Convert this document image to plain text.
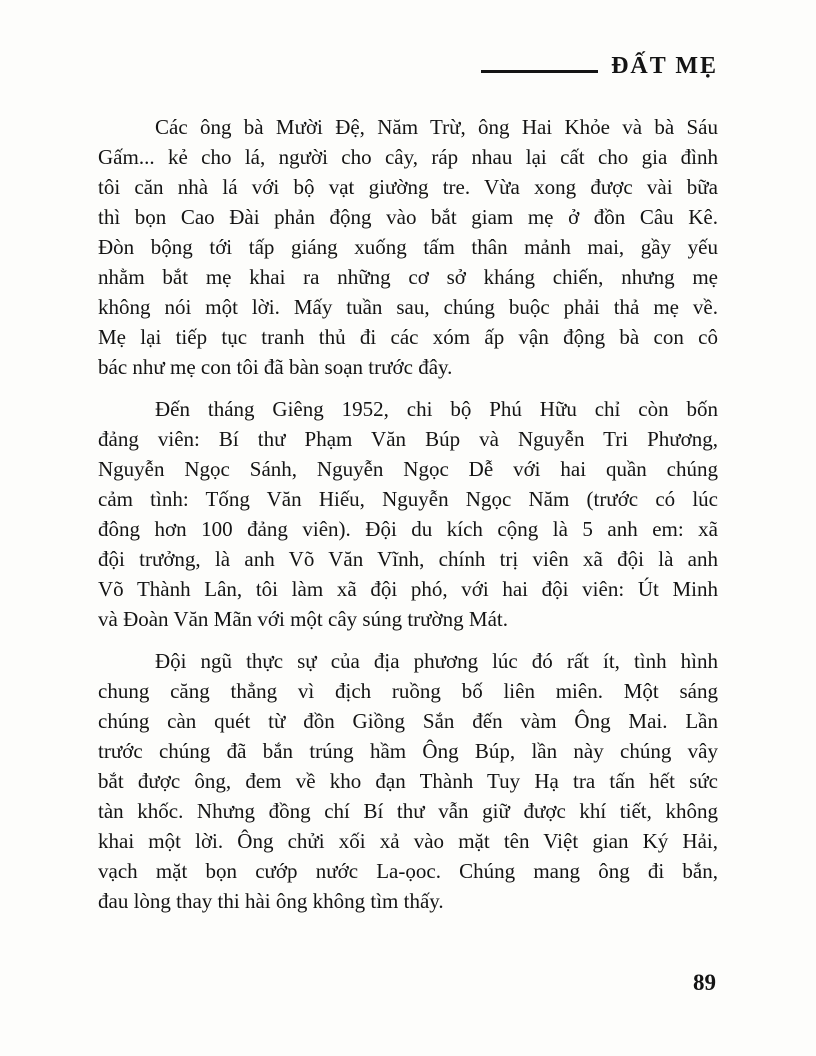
ĐẤT MẸ
Các ông bà Mười Đệ, Năm Trừ, ông Hai Khỏe và bà Sáu
Gấm... kẻ cho lá, người cho cây, ráp nhau lại cất cho gia đình
tôi căn nhà lá với bộ vạt giường tre. Vừa xong được vài bữa
thì bọn Cao Đài phản động vào bắt giam mẹ ở đồn Câu Kê.
Đòn bộng tới tấp giáng xuống tấm thân mảnh mai, gầy yếu
nhằm bắt mẹ khai ra những cơ sở kháng chiến, nhưng mẹ
không nói một lời. Mấy tuần sau, chúng buộc phải thả mẹ về.
Mẹ lại tiếp tục tranh thủ đi các xóm ấp vận động bà con cô
bác như mẹ con tôi đã bàn soạn trước đây.
Đến tháng Giêng 1952, chi bộ Phú Hữu chỉ còn bốn
đảng viên: Bí thư Phạm Văn Búp và Nguyễn Tri Phương,
Nguyễn Ngọc Sánh, Nguyễn Ngọc Dễ với hai quần chúng
cảm tình: Tống Văn Hiếu, Nguyễn Ngọc Năm (trước có lúc
đông hơn 100 đảng viên). Đội du kích cộng là 5 anh em: xã
đội trưởng, là anh Võ Văn Vĩnh, chính trị viên xã đội là anh
Võ Thành Lân, tôi làm xã đội phó, với hai đội viên: Út Minh
và Đoàn Văn Mãn với một cây súng trường Mát.
Đội ngũ thực sự của địa phương lúc đó rất ít, tình hình
chung căng thẳng vì địch ruồng bố liên miên. Một sáng
chúng càn quét từ đồn Giồng Sắn đến vàm Ông Mai. Lần
trước chúng đã bắn trúng hầm Ông Búp, lần này chúng vây
bắt được ông, đem về kho đạn Thành Tuy Hạ tra tấn hết sức
tàn khốc. Nhưng đồng chí Bí thư vẫn giữ được khí tiết, không
khai một lời. Ông chửi xối xả vào mặt tên Việt gian Ký Hải,
vạch mặt bọn cướp nước La-ọoc. Chúng mang ông đi bắn,
đau lòng thay thi hài ông không tìm thấy.
89
